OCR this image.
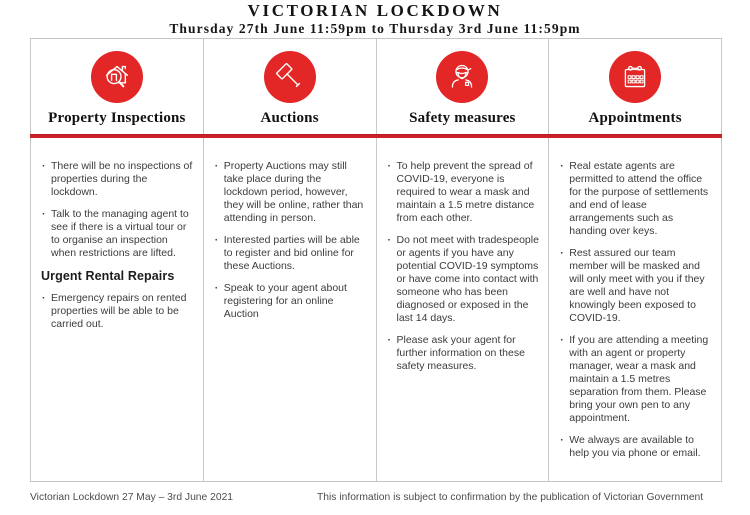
VICTORIAN LOCKDOWN
Thursday 27th June 11:59pm to Thursday 3rd June 11:59pm
Property Inspections
· There will be no inspections of properties during the lockdown.
· Talk to the managing agent to see if there is a virtual tour or to organise an inspection when restrictions are lifted.
Urgent Rental Repairs
· Emergency repairs on rented properties will be able to be carried out.
Auctions
· Property Auctions may still take place during the lockdown period, however, they will be online, rather than attending in person.
· Interested parties will be able to register and bid online for these Auctions.
· Speak to your agent about registering for an online Auction
Safety measures
· To help prevent the spread of COVID-19, everyone is required to wear a mask and maintain a 1.5 metre distance from each other.
· Do not meet with tradespeople or agents if you have any potential COVID-19 symptoms or have come into contact with someone who has been diagnosed or exposed in the last 14 days.
· Please ask your agent for further information on these safety measures.
Appointments
· Real estate agents are permitted to attend the office for the purpose of settlements and end of lease arrangements such as handing over keys.
· Rest assured our team member will be masked and will only meet with you if they are well and have not knowingly been exposed to COVID-19.
· If you are attending a meeting with an agent or property manager, wear a mask and maintain a 1.5 metres separation from them. Please bring your own pen to any appointment.
· We always are available to help you via phone or email.
Victorian Lockdown 27 May – 3rd June 2021	This information is subject to confirmation by the publication of Victorian Government
